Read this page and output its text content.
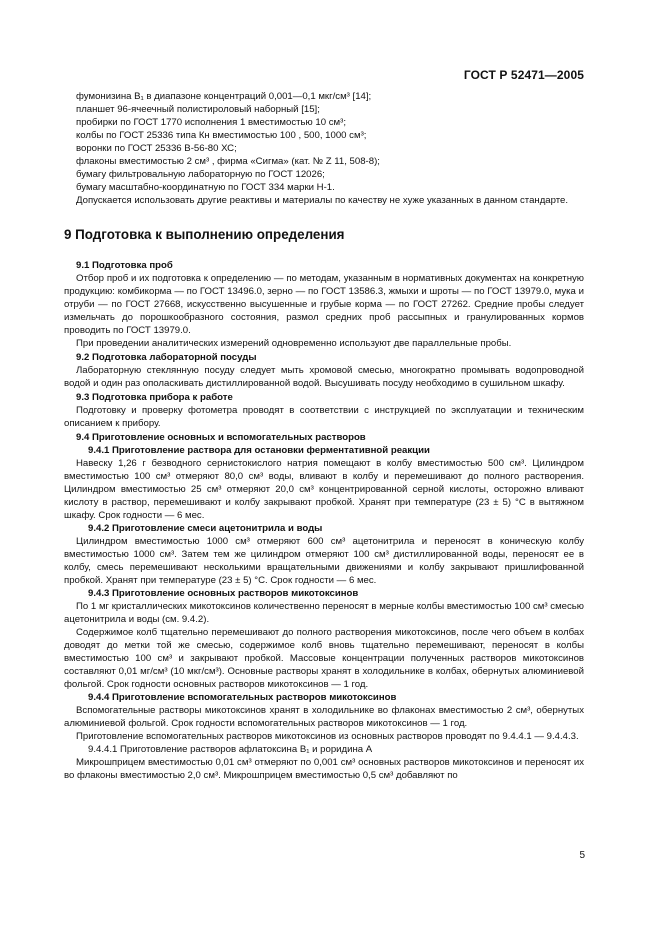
ГОСТ Р 52471—2005

фумонизина В₁ в диапазоне концентраций 0,001—0,1 мкг/см³ [14];

планшет 96-ячеечный полистироловый наборный [15];

пробирки по ГОСТ 1770 исполнения 1 вместимостью 10 см³;

колбы по ГОСТ 25336 типа Кн вместимостью 100 , 500, 1000 см³;

воронки по ГОСТ 25336 В-56-80 ХС;

флаконы вместимостью 2 см³ , фирма «Сигма» (кат. № Z 11, 508-8);

бумагу фильтровальную лабораторную по ГОСТ 12026;

бумагу масштабно-координатную по ГОСТ 334 марки Н-1.

Допускается использовать другие реактивы и материалы по качеству не хуже указанных в данном стандарте.

9 Подготовка к выполнению определения

9.1 Подготовка проб

Отбор проб и их подготовка к определению — по методам, указанным в нормативных документах на конкретную продукцию: комбикорма — по ГОСТ 13496.0, зерно — по ГОСТ 13586.3, жмыхи и шроты — по ГОСТ 13979.0, мука и отруби — по ГОСТ 27668, искусственно высушенные и грубые корма — по ГОСТ 27262. Средние пробы следует измельчать до порошкообразного состояния, размол средних проб рассыпных и гранулированных кормов проводить по ГОСТ 13979.0.

При проведении аналитических измерений одновременно используют две параллельные пробы.

9.2 Подготовка лабораторной посуды

Лабораторную стеклянную посуду следует мыть хромовой смесью, многократно промывать водопроводной водой и один раз ополаскивать дистиллированной водой. Высушивать посуду необходимо в сушильном шкафу.

9.3 Подготовка прибора к работе

Подготовку и проверку фотометра проводят в соответствии с инструкцией по эксплуатации и техническим описанием к прибору.

9.4 Приготовление основных и вспомогательных растворов

9.4.1 Приготовление раствора для остановки ферментативной реакции

Навеску 1,26 г безводного сернистокислого натрия помещают в колбу вместимостью 500 см³. Цилиндром вместимостью 100 см³ отмеряют 80,0 см³ воды, вливают в колбу и перемешивают до полного растворения. Цилиндром вместимостью 25 см³ отмеряют 20,0 см³ концентрированной серной кислоты, осторожно вливают кислоту в раствор, перемешивают и колбу закрывают пробкой. Хранят при температуре (23 ± 5) °С в вытяжном шкафу. Срок годности — 6 мес.

9.4.2 Приготовление смеси ацетонитрила и воды

Цилиндром вместимостью 1000 см³ отмеряют 600 см³ ацетонитрила и переносят в коническую колбу вместимостью 1000 см³. Затем тем же цилиндром отмеряют 100 см³ дистиллированной воды, переносят ее в колбу, смесь перемешивают несколькими вращательными движениями и колбу закрывают пришлифованной пробкой. Хранят при температуре (23 ± 5) °С. Срок годности — 6 мес.

9.4.3 Приготовление основных растворов микотоксинов

По 1 мг кристаллических микотоксинов количественно переносят в мерные колбы вместимостью 100 см³ смесью ацетонитрила и воды (см. 9.4.2).

Содержимое колб тщательно перемешивают до полного растворения микотоксинов, после чего объем в колбах доводят до метки той же смесью, содержимое колб вновь тщательно перемешивают, переносят в колбы вместимостью 100 см³ и закрывают пробкой. Массовые концентрации полученных растворов микотоксинов составляют 0,01 мг/см³ (10 мкг/см³). Основные растворы хранят в холодильнике в колбах, обернутых алюминиевой фольгой. Срок годности основных растворов микотоксинов — 1 год.

9.4.4 Приготовление вспомогательных растворов микотоксинов

Вспомогательные растворы микотоксинов хранят в холодильнике во флаконах вместимостью 2 см³, обернутых алюминиевой фольгой. Срок годности вспомогательных растворов микотоксинов — 1 год.

Приготовление вспомогательных растворов микотоксинов из основных растворов проводят по 9.4.4.1 — 9.4.4.3.

9.4.4.1 Приготовление растворов афлатоксина В₁ и роридина А

Микрошприцем вместимостью 0,01 см³ отмеряют по 0,001 см³ основных растворов микотоксинов и переносят их во флаконы вместимостью 2,0 см³. Микрошприцем вместимостью 0,5 см³ добавляют по

5
